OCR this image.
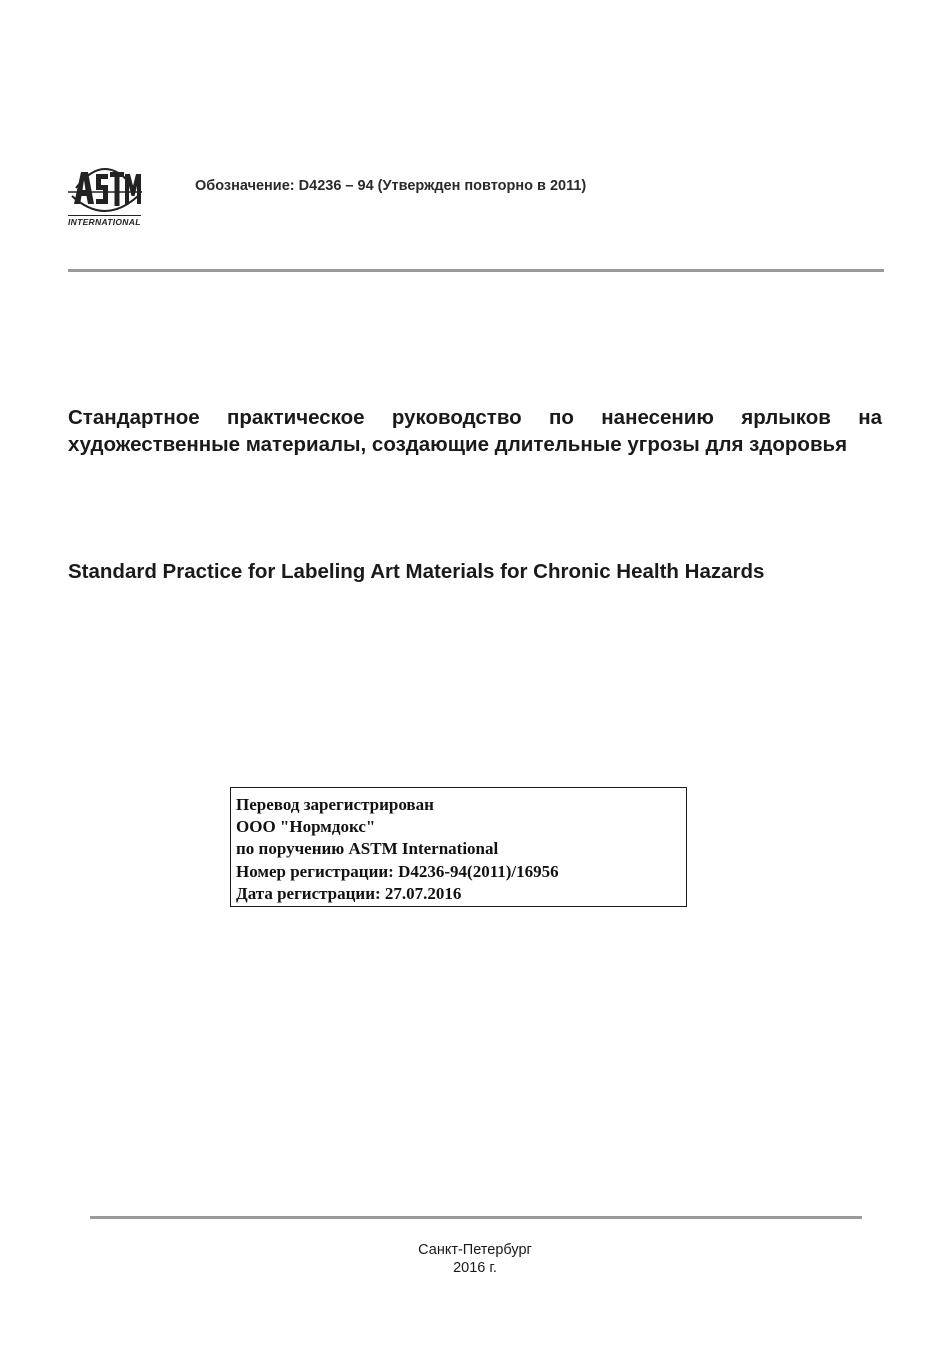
INTERNATIONAL
Обозначение: D4236 – 94 (Утвержден повторно в 2011)
Стандартное практическое руководство по нанесению ярлыков на художественные материалы, создающие длительные угрозы для здоровья
Standard Practice for Labeling Art Materials for Chronic Health Hazards
Перевод зарегистрирован
ООО "Нормдокс"
по поручению ASTM International
Номер регистрации: D4236-94(2011)/16956
Дата регистрации: 27.07.2016
Санкт-Петербург
2016 г.
